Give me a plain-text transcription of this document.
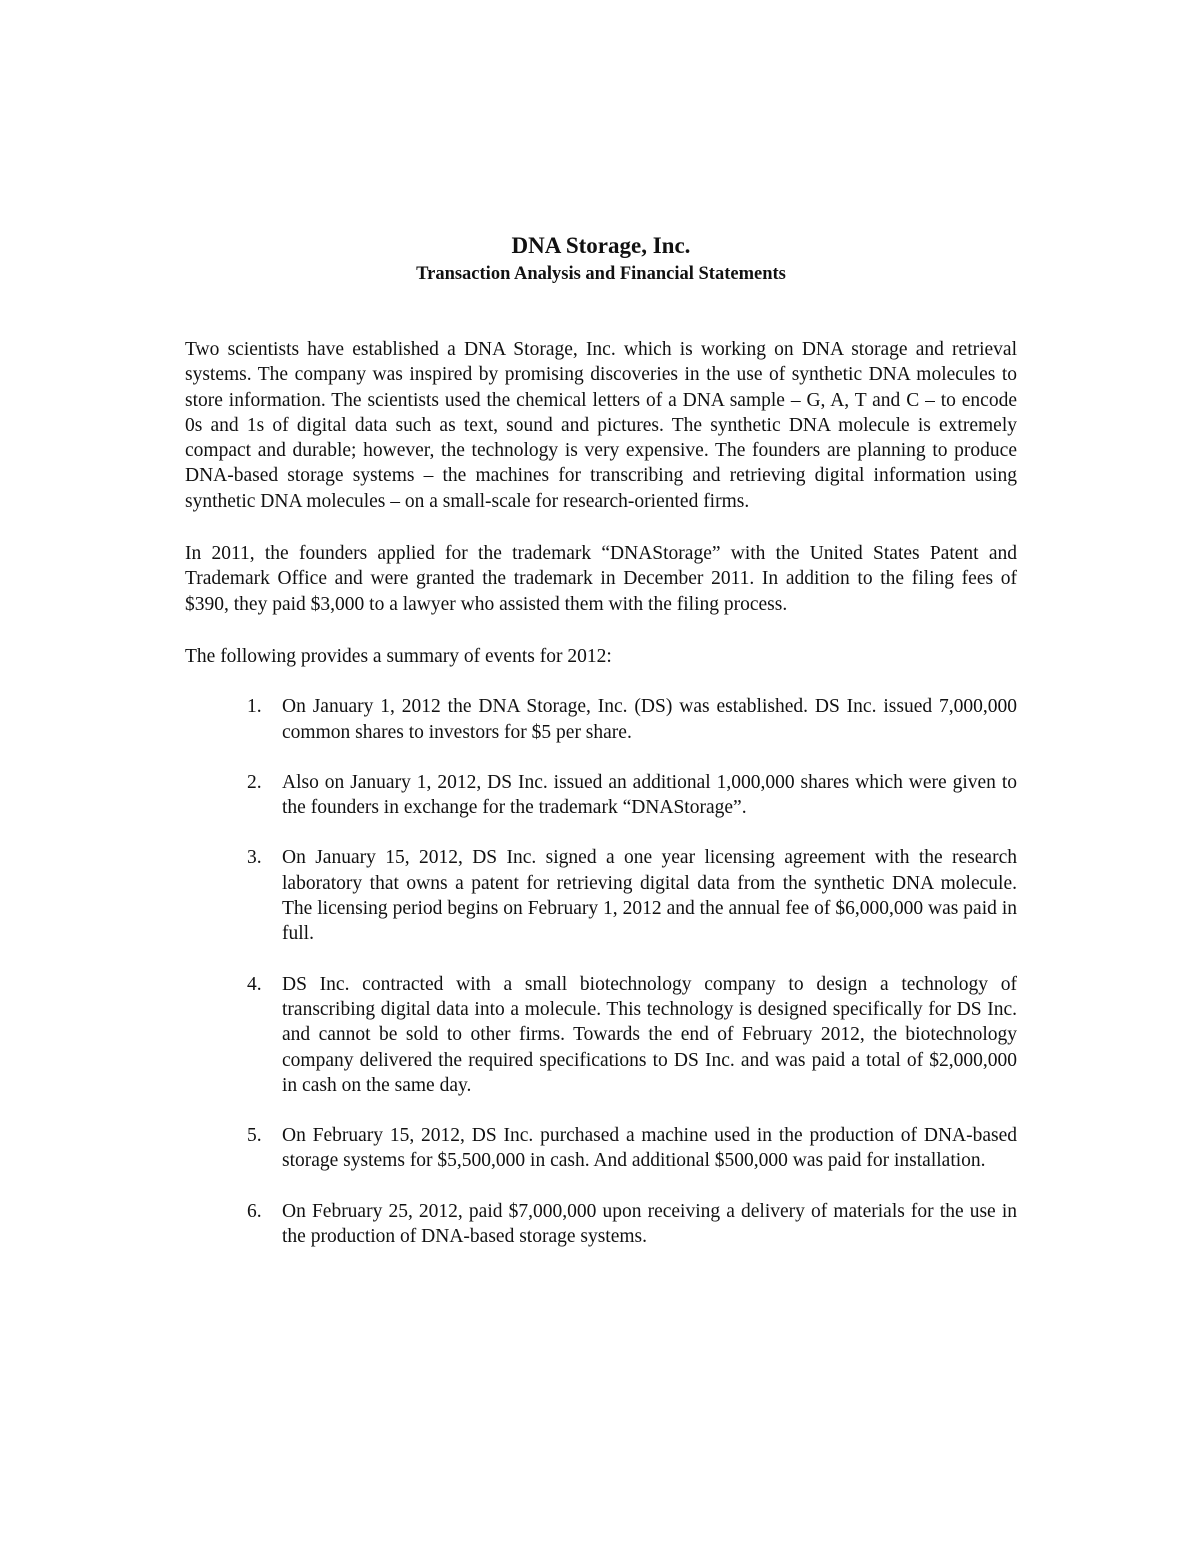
DNA Storage, Inc.
Transaction Analysis and Financial Statements

Two scientists have established a DNA Storage, Inc. which is working on DNA storage and retrieval systems. The company was inspired by promising discoveries in the use of synthetic DNA molecules to store information. The scientists used the chemical letters of a DNA sample – G, A, T and C – to encode 0s and 1s of digital data such as text, sound and pictures. The synthetic DNA molecule is extremely compact and durable; however, the technology is very expensive. The founders are planning to produce DNA-based storage systems – the machines for transcribing and retrieving digital information using synthetic DNA molecules – on a small-scale for research-oriented firms.

In 2011, the founders applied for the trademark “DNAStorage” with the United States Patent and Trademark Office and were granted the trademark in December 2011. In addition to the filing fees of $390, they paid $3,000 to a lawyer who assisted them with the filing process.

The following provides a summary of events for 2012:

1. On January 1, 2012 the DNA Storage, Inc. (DS) was established. DS Inc. issued 7,000,000 common shares to investors for $5 per share.
2. Also on January 1, 2012, DS Inc. issued an additional 1,000,000 shares which were given to the founders in exchange for the trademark “DNAStorage”.
3. On January 15, 2012, DS Inc. signed a one year licensing agreement with the research laboratory that owns a patent for retrieving digital data from the synthetic DNA molecule. The licensing period begins on February 1, 2012 and the annual fee of $6,000,000 was paid in full.
4. DS Inc. contracted with a small biotechnology company to design a technology of transcribing digital data into a molecule. This technology is designed specifically for DS Inc. and cannot be sold to other firms. Towards the end of February 2012, the biotechnology company delivered the required specifications to DS Inc. and was paid a total of $2,000,000 in cash on the same day.
5. On February 15, 2012, DS Inc. purchased a machine used in the production of DNA-based storage systems for $5,500,000 in cash. And additional $500,000 was paid for installation.
6. On February 25, 2012, paid $7,000,000 upon receiving a delivery of materials for the use in the production of DNA-based storage systems.
